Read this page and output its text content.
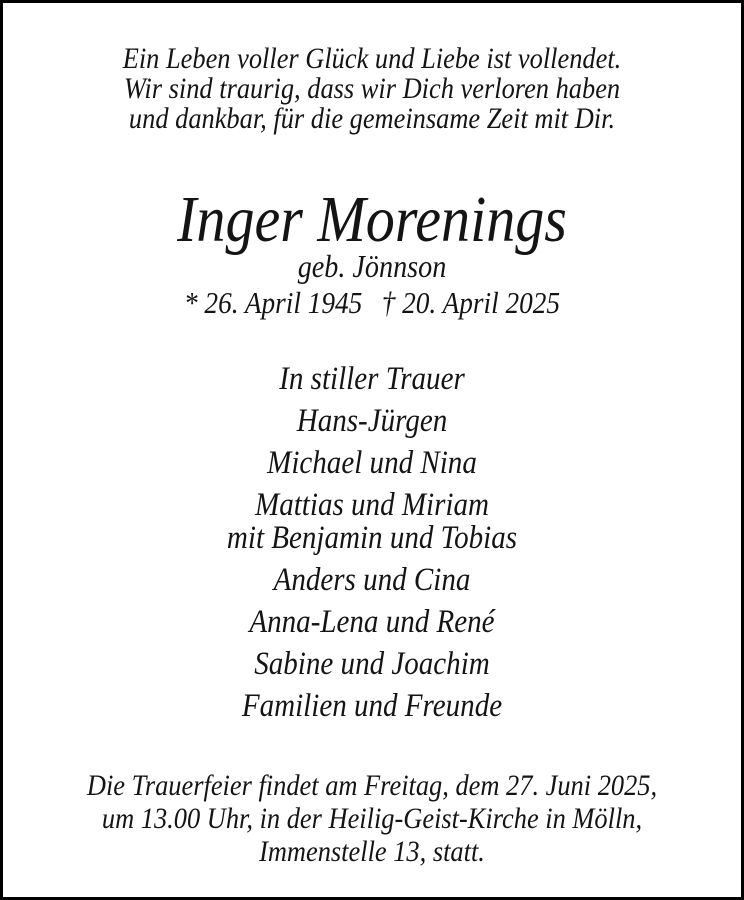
Ein Leben voller Glück und Liebe ist vollendet.
Wir sind traurig, dass wir Dich verloren haben
und dankbar, für die gemeinsame Zeit mit Dir.
Inger Morenings
geb. Jönnson
* 26. April 1945 † 20. April 2025
In stiller Trauer
Hans-Jürgen
Michael und Nina
Mattias und Miriam
mit Benjamin und Tobias
Anders und Cina
Anna-Lena und René
Sabine und Joachim
Familien und Freunde
Die Trauerfeier findet am Freitag, dem 27. Juni 2025,
um 13.00 Uhr, in der Heilig-Geist-Kirche in Mölln,
Immenstelle 13, statt.
